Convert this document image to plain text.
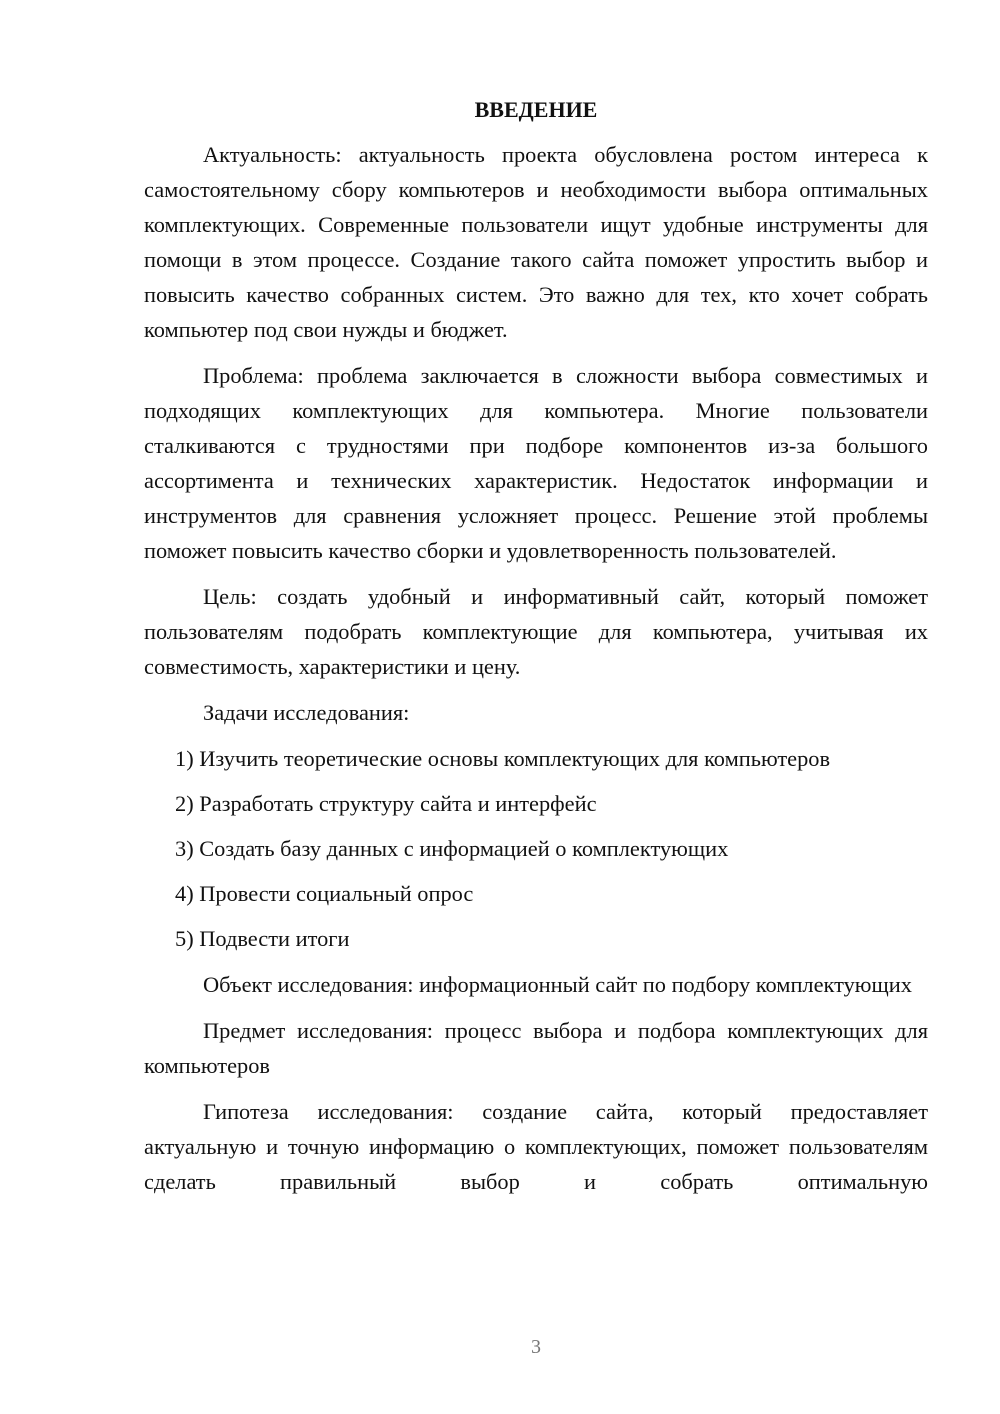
ВВЕДЕНИЕ

Актуальность: актуальность проекта обусловлена ростом интереса к самостоятельному сбору компьютеров и необходимости выбора оптимальных комплектующих. Современные пользователи ищут удобные инструменты для помощи в этом процессе. Создание такого сайта поможет упростить выбор и повысить качество собранных систем. Это важно для тех, кто хочет собрать компьютер под свои нужды и бюджет.

Проблема: проблема заключается в сложности выбора совместимых и подходящих комплектующих для компьютера. Многие пользователи сталкиваются с трудностями при подборе компонентов из-за большого ассортимента и технических характеристик. Недостаток информации и инструментов для сравнения усложняет процесс. Решение этой проблемы поможет повысить качество сборки и удовлетворенность пользователей.

Цель: создать удобный и информативный сайт, который поможет пользователям подобрать комплектующие для компьютера, учитывая их совместимость, характеристики и цену.

Задачи исследования:

1) Изучить теоретические основы комплектующих для компьютеров
2) Разработать структуру сайта и интерфейс
3) Создать базу данных с информацией о комплектующих
4) Провести социальный опрос
5) Подвести итоги

Объект исследования: информационный сайт по подбору комплектующих

Предмет исследования: процесс выбора и подбора комплектующих для компьютеров

Гипотеза исследования: создание сайта, который предоставляет актуальную и точную информацию о комплектующих, поможет пользователям сделать правильный выбор и собрать оптимальную

3
